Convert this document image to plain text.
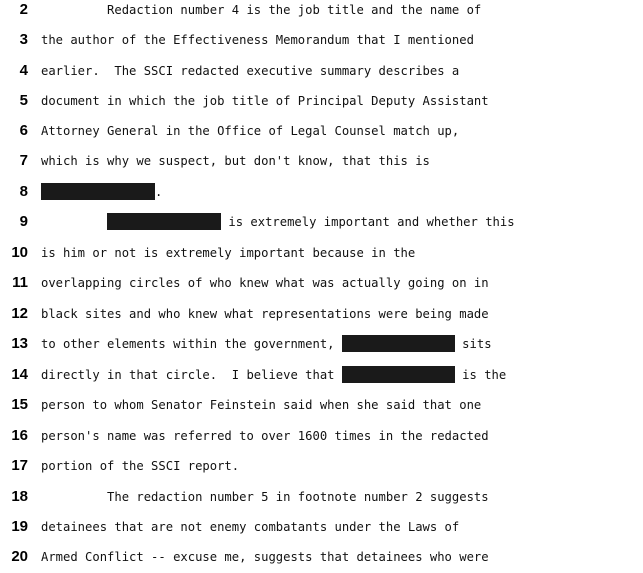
2 Redaction number 4 is the job title and the name of
3 the author of the Effectiveness Memorandum that I mentioned
4 earlier.  The SSCI redacted executive summary describes a
5 document in which the job title of Principal Deputy Assistant
6 Attorney General in the Office of Legal Counsel match up,
7 which is why we suspect, but don't know, that this is
8	.
9	is extremely important and whether this
10 is him or not is extremely important because in the
11 overlapping circles of who knew what was actually going on in
12 black sites and who knew what representations were being made
13 to other elements within the government,	sits
14 directly in that circle.  I believe that	is the
15 person to whom Senator Feinstein said when she said that one
16 person's name was referred to over 1600 times in the redacted
17 portion of the SSCI report.
18 The redaction number 5 in footnote number 2 suggests
19 detainees that are not enemy combatants under the Laws of
20 Armed Conflict -- excuse me, suggests that detainees who were
